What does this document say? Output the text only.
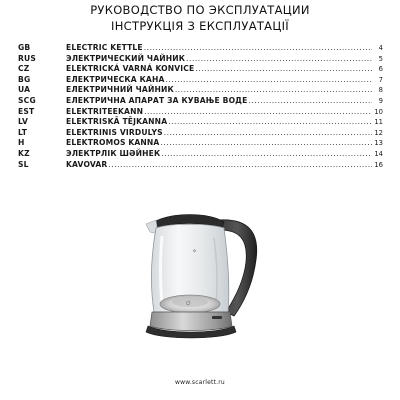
РУКОВОДСТВО ПО ЭКСПЛУАТАЦИИ
ІНСТРУКЦІЯ З ЕКСПЛУАТАЦІЇ
GB	ELECTRIC KETTLE .....	4
RUS	ЭЛЕКТРИЧЕСКИЙ ЧАЙНИК .....	5
CZ	ELEKTRICKÁ VARNÁ KONVICE .....	6
BG	ЕЛЕКТРИЧЕСКА КАНА .....	7
UA	ЕЛЕКТРИЧНИЙ ЧАЙНИК .....	8
SCG	ЕЛЕКТРИЧНА АПАРАТ ЗА КУВАЊЕ ВОДЕ .....	9
EST	ELEKTRITEEKANN .....	10
LV	ELEKTRISKĀ TĒJKANNA .....	11
LT	ELEKTRINIS VIRDULYS .....	12
H	ELEKTROMOS KANNA .....	13
KZ	ЭЛЕКТРЛІК ШӘЙНЕК .....	14
SL	KAVOVAR .....	16
✧
⏻
www.scarlett.ru
